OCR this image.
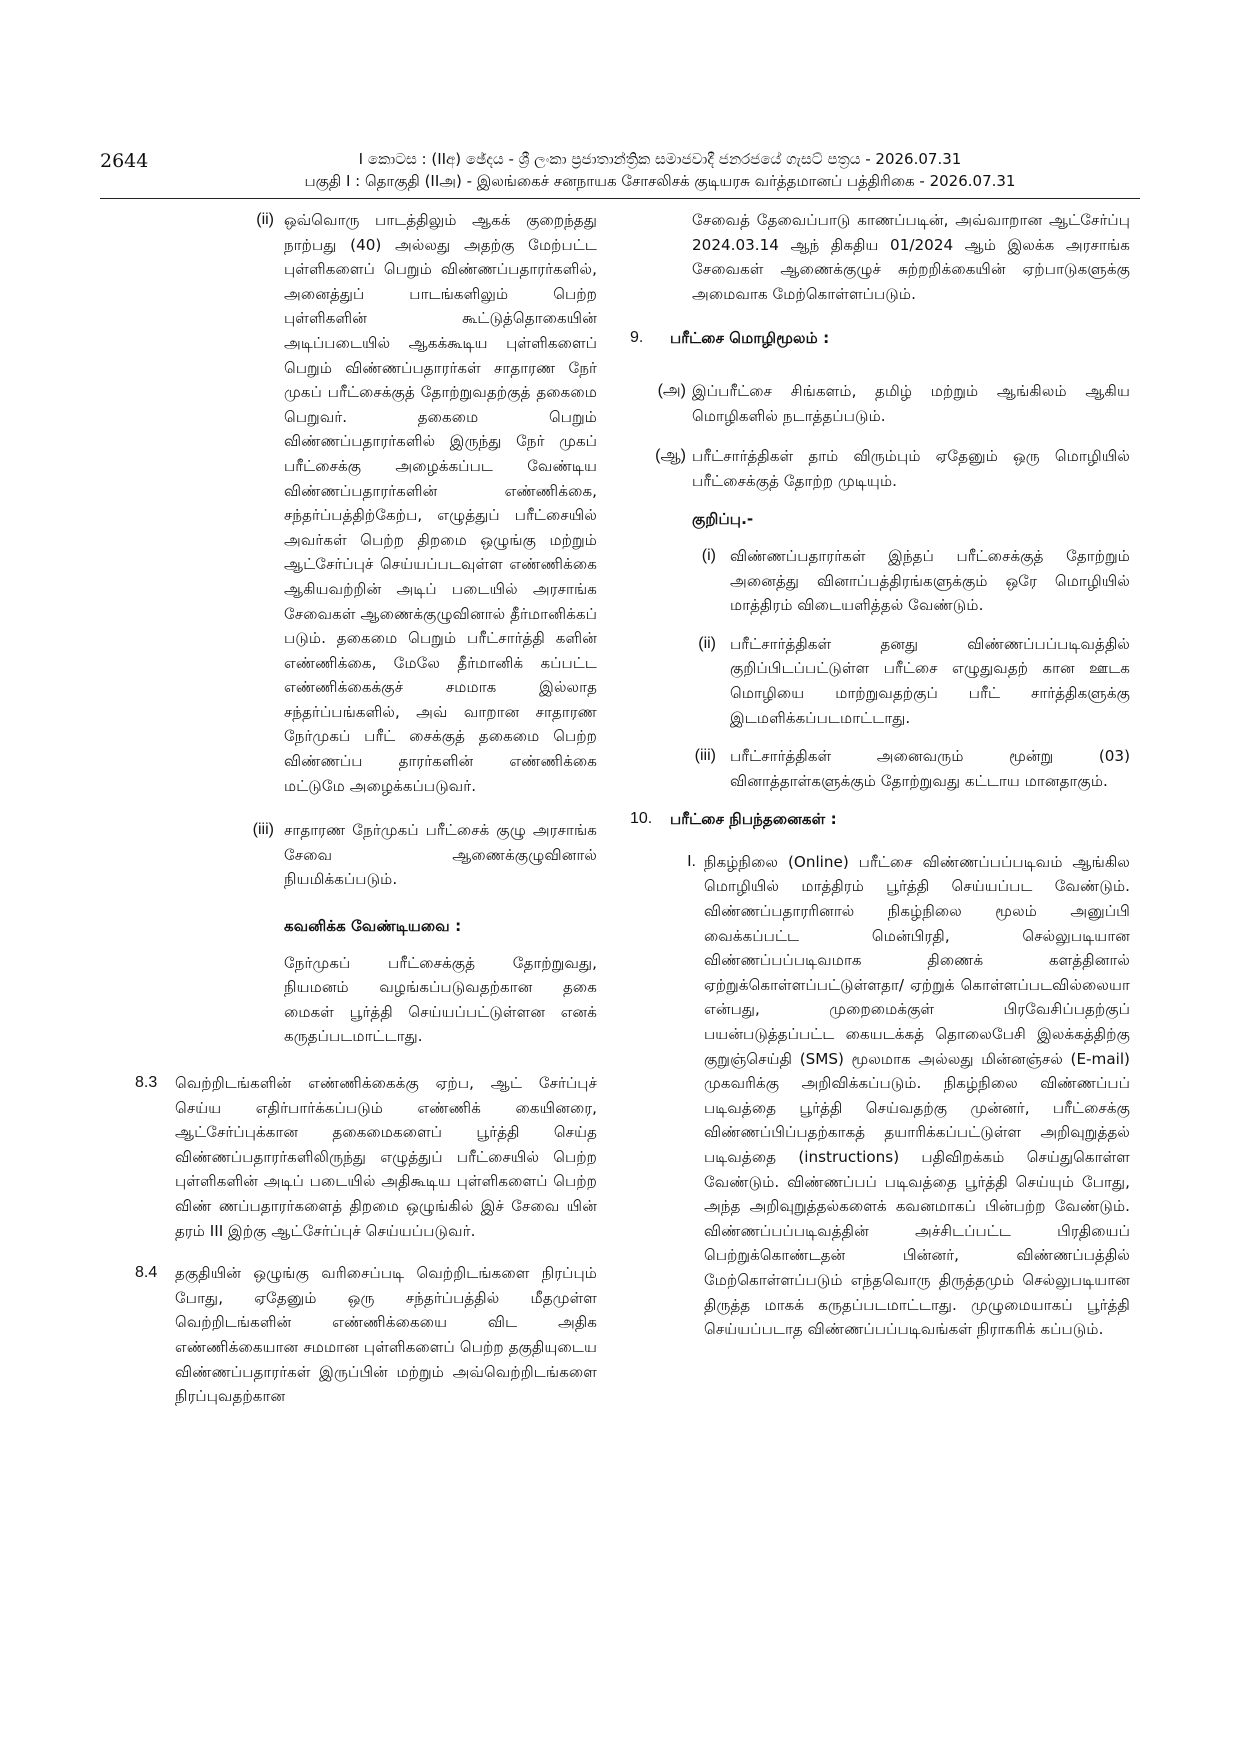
2644	I කොටස : (IIඅ) ඡේදය - ශ්‍රී ලංකා ප්‍රජාතාන්ත්‍රික සමාජවාදී ජනරජයේ ගැසට් පත්‍රය - 2026.07.31
பகுதி I : தொகுதி (IIஅ) - இலங்கைச் சனநாயக சோசலிசக் குடியரசு வர்த்தமானப் பத்திரிகை - 2026.07.31
(ii) ஒவ்வொரு பாடத்திலும் ஆகக் குறைந்தது நாற்பது (40) அல்லது அதற்கு மேற்பட்ட புள்ளிகளைப் பெறும் விண்ணப்பதாரர்களில், அனைத்துப் பாடங்களிலும் பெற்ற புள்ளிகளின் கூட்டுத்தொகையின் அடிப்படையில் ஆகக்கூடிய புள்ளிகளைப் பெறும் விண்ணப்பதாரர்கள் சாதாரண நேர் முகப் பரீட்சைக்குத் தோற்றுவதற்குத் தகைமை பெறுவர். தகைமை பெறும் விண்ணப்பதாரர்களில் இருந்து நேர் முகப் பரீட்சைக்கு அழைக்கப்பட வேண்டிய விண்ணப்பதாரர்களின் எண்ணிக்கை, சந்தர்ப்பத்திற்கேற்ப, எழுத்துப் பரீட்சையில் அவர்கள் பெற்ற திறமை ஒழுங்கு மற்றும் ஆட்சேர்ப்புச் செய்யப்படவுள்ள எண்ணிக்கை ஆகியவற்றின் அடிப் படையில் அரசாங்க சேவைகள் ஆணைக்குழுவினால் தீர்மானிக்கப் படும். தகைமை பெறும் பரீட்சார்த்தி களின் எண்ணிக்கை, மேலே தீர்மானிக் கப்பட்ட எண்ணிக்கைக்குச் சமமாக இல்லாத சந்தர்ப்பங்களில், அவ் வாறான சாதாரண நேர்முகப் பரீட் சைக்குத் தகைமை பெற்ற விண்ணப்ப தாரர்களின் எண்ணிக்கை மட்டுமே அழைக்கப்படுவர்.
(iii) சாதாரண நேர்முகப் பரீட்சைக் குழு அரசாங்க சேவை ஆணைக்குழுவினால் நியமிக்கப்படும்.
கவனிக்க வேண்டியவை :

நேர்முகப் பரீட்சைக்குத் தோற்றுவது, நியமனம் வழங்கப்படுவதற்கான தகை மைகள் பூர்த்தி செய்யப்பட்டுள்ளன எனக் கருதப்படமாட்டாது.

8.3	வெற்றிடங்களின் எண்ணிக்கைக்கு ஏற்ப, ஆட் சேர்ப்புச் செய்ய எதிர்பார்க்கப்படும் எண்ணிக் கையினரை, ஆட்சேர்ப்புக்கான தகைமைகளைப் பூர்த்தி செய்த விண்ணப்பதாரர்களிலிருந்து எழுத்துப் பரீட்சையில் பெற்ற புள்ளிகளின் அடிப் படையில் அதிகூடிய புள்ளிகளைப் பெற்ற விண் ணப்பதாரர்களைத் திறமை ஒழுங்கில் இச் சேவை யின் தரம் III இற்கு ஆட்சேர்ப்புச் செய்யப்படுவர்.
8.4	தகுதியின் ஒழுங்கு வரிசைப்படி வெற்றிடங்களை நிரப்பும் போது, ஏதேனும் ஒரு சந்தர்ப்பத்தில் மீதமுள்ள வெற்றிடங்களின் எண்ணிக்கையை விட அதிக எண்ணிக்கையான சமமான புள்ளிகளைப் பெற்ற தகுதியுடைய விண்ணப்பதாரர்கள் இருப்பின் மற்றும் அவ்வெற்றிடங்களை நிரப்புவதற்கான

சேவைத் தேவைப்பாடு காணப்படின், அவ்வாறான ஆட்சேர்ப்பு 2024.03.14 ஆந் திகதிய 01/2024 ஆம் இலக்க அரசாங்க சேவைகள் ஆணைக்குழுச் சுற்றறிக்கையின் ஏற்பாடுகளுக்கு அமைவாக மேற்கொள்ளப்படும்.

9.	பரீட்சை மொழிமூலம் :
(அ) இப்பரீட்சை சிங்களம், தமிழ் மற்றும் ஆங்கிலம் ஆகிய மொழிகளில் நடாத்தப்படும்.
(ஆ) பரீட்சார்த்திகள் தாம் விரும்பும் ஏதேனும் ஒரு மொழியில் பரீட்சைக்குத் தோற்ற முடியும்.
குறிப்பு.-
(i) விண்ணப்பதாரர்கள் இந்தப் பரீட்சைக்குத் தோற்றும் அனைத்து வினாப்பத்திரங்களுக்கும் ஒரே மொழியில் மாத்திரம் விடையளித்தல் வேண்டும்.
(ii) பரீட்சார்த்திகள் தனது விண்ணப்பப்படிவத்தில் குறிப்பிடப்பட்டுள்ள பரீட்சை எழுதுவதற் கான ஊடக மொழியை மாற்றுவதற்குப் பரீட் சார்த்திகளுக்கு இடமளிக்கப்படமாட்டாது.
(iii) பரீட்சார்த்திகள் அனைவரும் மூன்று (03) வினாத்தாள்களுக்கும் தோற்றுவது கட்டாய மானதாகும்.
10.	பரீட்சை நிபந்தனைகள் :
I. நிகழ்நிலை (Online) பரீட்சை விண்ணப்பப்படிவம் ஆங்கில மொழியில் மாத்திரம் பூர்த்தி செய்யப்பட வேண்டும். விண்ணப்பதாரரினால் நிகழ்நிலை மூலம் அனுப்பி வைக்கப்பட்ட மென்பிரதி, செல்லுபடியான விண்ணப்பப்படிவமாக திணைக் களத்தினால் ஏற்றுக்கொள்ளப்பட்டுள்ளதா/ ஏற்றுக் கொள்ளப்படவில்லையா என்பது, முறைமைக்குள் பிரவேசிப்பதற்குப் பயன்படுத்தப்பட்ட கையடக்கத் தொலைபேசி இலக்கத்திற்கு குறுஞ்செய்தி (SMS) மூலமாக அல்லது மின்னஞ்சல் (E-mail) முகவரிக்கு அறிவிக்கப்படும். நிகழ்நிலை விண்ணப்பப் படிவத்தை பூர்த்தி செய்வதற்கு முன்னர், பரீட்சைக்கு விண்ணப்பிப்பதற்காகத் தயாரிக்கப்பட்டுள்ள அறிவுறுத்தல் படிவத்தை (instructions) பதிவிறக்கம் செய்துகொள்ள வேண்டும். விண்ணப்பப் படிவத்தை பூர்த்தி செய்யும் போது, அந்த அறிவுறுத்தல்களைக் கவனமாகப் பின்பற்ற வேண்டும். விண்ணப்பப்படிவத்தின் அச்சிடப்பட்ட பிரதியைப் பெற்றுக்கொண்டதன் பின்னர், விண்ணப்பத்தில் மேற்கொள்ளப்படும் எந்தவொரு திருத்தமும் செல்லுபடியான திருத்த மாகக் கருதப்படமாட்டாது. முழுமையாகப் பூர்த்தி செய்யப்படாத விண்ணப்பப்படிவங்கள் நிராகரிக் கப்படும்.
